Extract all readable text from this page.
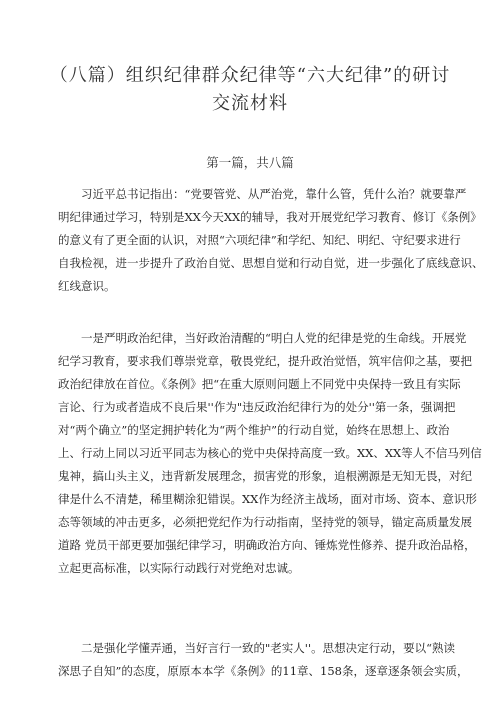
（八篇）组织纪律群众纪律等“六大纪律”的研讨
交流材料
第一篇，共八篇
　　习近平总书记指出：“党要管党、从严治党，靠什么管，凭什么治？就要靠严
明纪律通过学习，特别是XX今天XX的辅导，我对开展党纪学习教育、修订《条例》
的意义有了更全面的认识，对照“六项纪律”和学纪、知纪、明纪、守纪要求进行
自我检视，进一步提升了政治自觉、思想自觉和行动自觉，进一步强化了底线意识、
红线意识。
　　一是严明政治纪律，当好政治清醒的“明白人党的纪律是党的生命线。开展党
纪学习教育，要求我们尊崇党章，敬畏党纪，提升政治觉悟，筑牢信仰之基，要把
政治纪律放在首位。《条例》把“在重大原则问题上不同党中央保持一致且有实际
言论、行为或者造成不良后果''作为"违反政治纪律行为的处分''第一条，强调把
对“两个确立”的坚定拥护转化为“两个维护”的行动自觉，始终在思想上、政治
上、行动上同以习近平同志为核心的党中央保持高度一致。XX、XX等人不信马列信
鬼神，搞山头主义，违背新发展理念，损害党的形象，追根溯源是无知无畏，对纪
律是什么不清楚，稀里糊涂犯错误。XX作为经济主战场，面对市场、资本、意识形
态等领域的冲击更多，必须把党纪作为行动指南，坚持党的领导，锚定高质量发展
道路 党员干部更要加强纪律学习，明确政治方向、锤炼党性修养、提升政治品格，
立起更高标准，以实际行动践行对党绝对忠诚。
　　二是强化学懂弄通，当好言行一致的"老实人''。思想决定行动，要以“熟读
深思子自知”的态度，原原本本学《条例》的11章、158条，逐章逐条领会实质，
